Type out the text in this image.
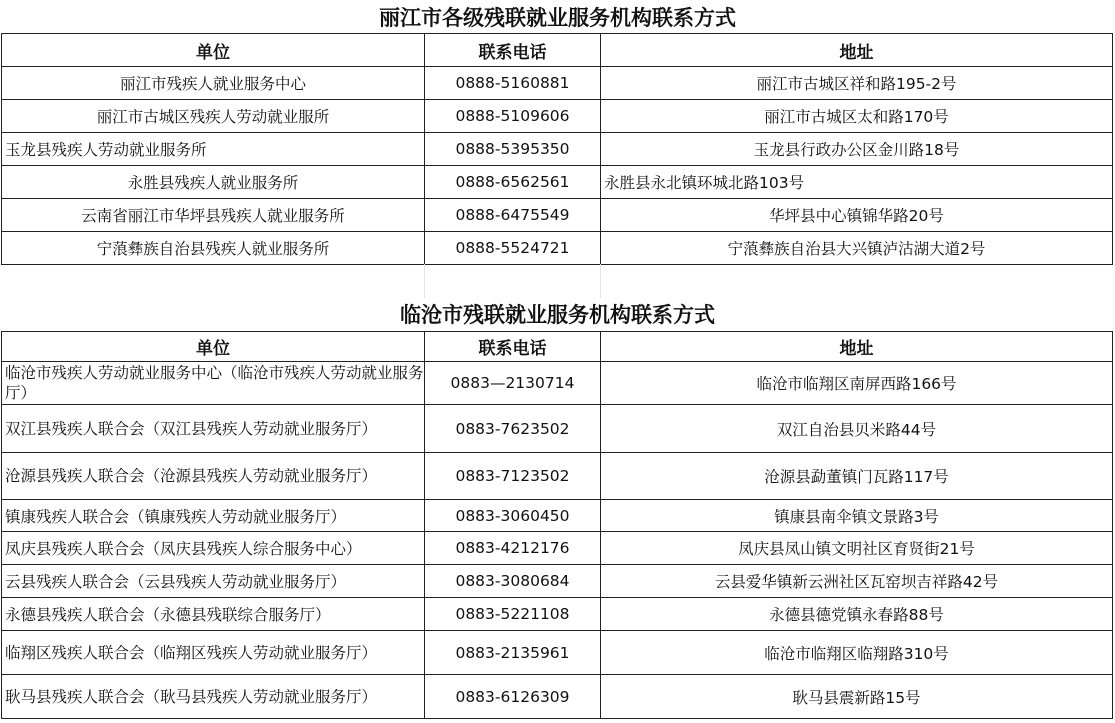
丽江市各级残联就业服务机构联系方式
单位	联系电话	地址
丽江市残疾人就业服务中心	0888-5160881	丽江市古城区祥和路195-2号
丽江市古城区残疾人劳动就业服所	0888-5109606	丽江市古城区太和路170号
玉龙县残疾人劳动就业服务所	0888-5395350	玉龙县行政办公区金川路18号
永胜县残疾人就业服务所	0888-6562561	永胜县永北镇环城北路103号
云南省丽江市华坪县残疾人就业服务所	0888-6475549	华坪县中心镇锦华路20号
宁蒗彝族自治县残疾人就业服务所	0888-5524721	宁蒗彝族自治县大兴镇泸沽湖大道2号
临沧市残联就业服务机构联系方式
单位	联系电话	地址
临沧市残疾人劳动就业服务中心（临沧市残疾人劳动就业服务厅）	0883—2130714	临沧市临翔区南屏西路166号
双江县残疾人联合会（双江县残疾人劳动就业服务厅）	0883-7623502	双江自治县贝米路44号
沧源县残疾人联合会（沧源县残疾人劳动就业服务厅）	0883-7123502	沧源县勐董镇门瓦路117号
镇康残疾人联合会（镇康残疾人劳动就业服务厅）	0883-3060450	镇康县南伞镇文景路3号
凤庆县残疾人联合会（凤庆县残疾人综合服务中心）	0883-4212176	凤庆县凤山镇文明社区育贤街21号
云县残疾人联合会（云县残疾人劳动就业服务厅）	0883-3080684	云县爱华镇新云洲社区瓦窑坝吉祥路42号
永德县残疾人联合会（永德县残联综合服务厅）	0883-5221108	永德县德党镇永春路88号
临翔区残疾人联合会（临翔区残疾人劳动就业服务厅）	0883-2135961	临沧市临翔区临翔路310号
耿马县残疾人联合会（耿马县残疾人劳动就业服务厅）	0883-6126309	耿马县震新路15号
